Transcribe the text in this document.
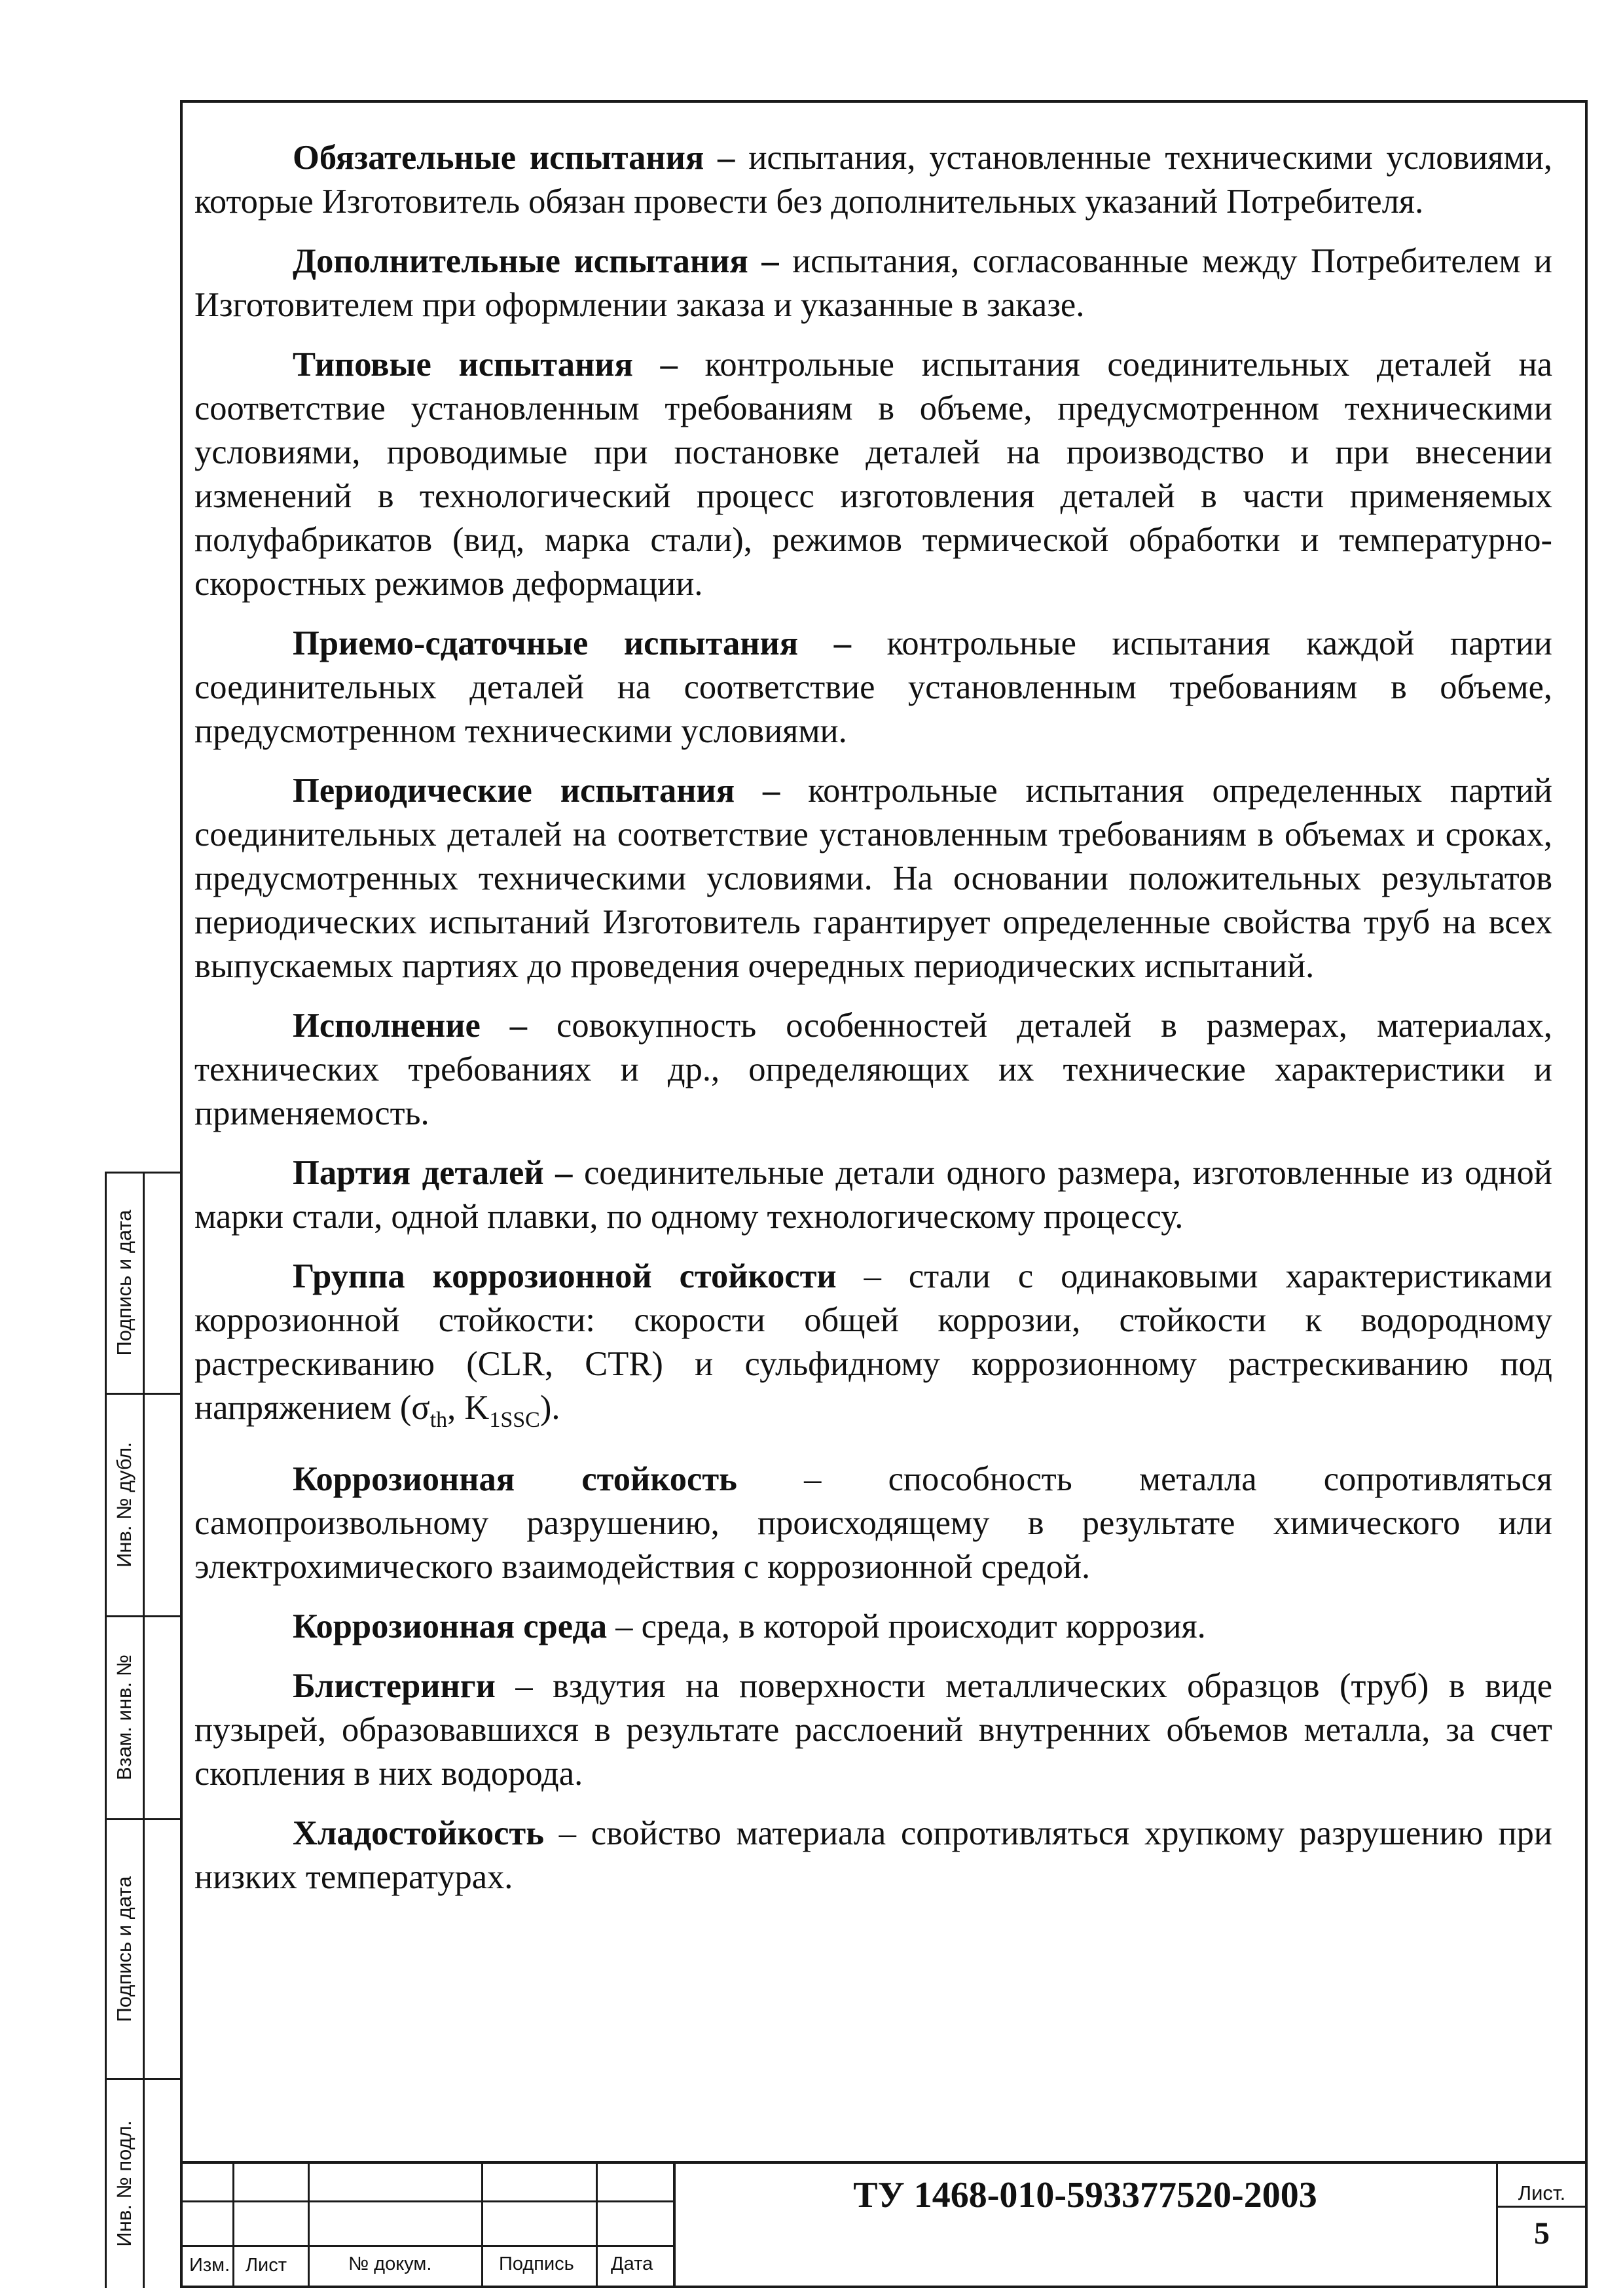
Подпись и дата
Инв. № дубл.
Взам. инв. №
Подпись и дата
Инв. № подл.

Обязательные испытания – испытания, установленные техническими условиями, которые Изготовитель обязан провести без дополнительных указаний Потребителя.

Дополнительные испытания – испытания, согласованные между Потребителем и Изготовителем при оформлении заказа и указанные в заказе.

Типовые испытания – контрольные испытания соединительных деталей на соответствие установленным требованиям в объеме, предусмотренном техническими условиями, проводимые при постановке деталей на производство и при внесении изменений в технологический процесс изготовления деталей в части применяемых полуфабрикатов (вид, марка стали), режимов термической обработки и температурно-скоростных режимов деформации.

Приемо-сдаточные испытания – контрольные испытания каждой партии соединительных деталей на соответствие установленным требованиям в объеме, предусмотренном техническими условиями.

Периодические испытания – контрольные испытания определенных партий соединительных деталей на соответствие установленным требованиям в объемах и сроках, предусмотренных техническими условиями. На основании положительных результатов периодических испытаний Изготовитель гарантирует определенные свойства труб на всех выпускаемых партиях до проведения очередных периодических испытаний.

Исполнение – совокупность особенностей деталей в размерах, материалах, технических требованиях и др., определяющих их технические характеристики и применяемость.

Партия деталей – соединительные детали одного размера, изготовленные из одной марки стали, одной плавки, по одному технологическому процессу.

Группа коррозионной стойкости – стали с одинаковыми характеристиками коррозионной стойкости: скорости общей коррозии, стойкости к водородному растрескиванию (CLR, CTR) и сульфидному коррозионному растрескиванию под напряжением ($\sigma_{th}$, $K_{1SSC}$).

Коррозионная стойкость – способность металла сопротивляться самопроизвольному разрушению, происходящему в результате химического или электрохимического взаимодействия с коррозионной средой.

Коррозионная среда – среда, в которой происходит коррозия.

Блистеринги – вздутия на поверхности металлических образцов (труб) в виде пузырей, образовавшихся в результате расслоений внутренних объемов металла, за счет скопления в них водорода.

Хладостойкость – свойство материала сопротивляться хрупкому разрушению при низких температурах.

Изм. Лист	№ докум.	Подпись Дата
ТУ 1468-010-593377520-2003	Лист.
5
